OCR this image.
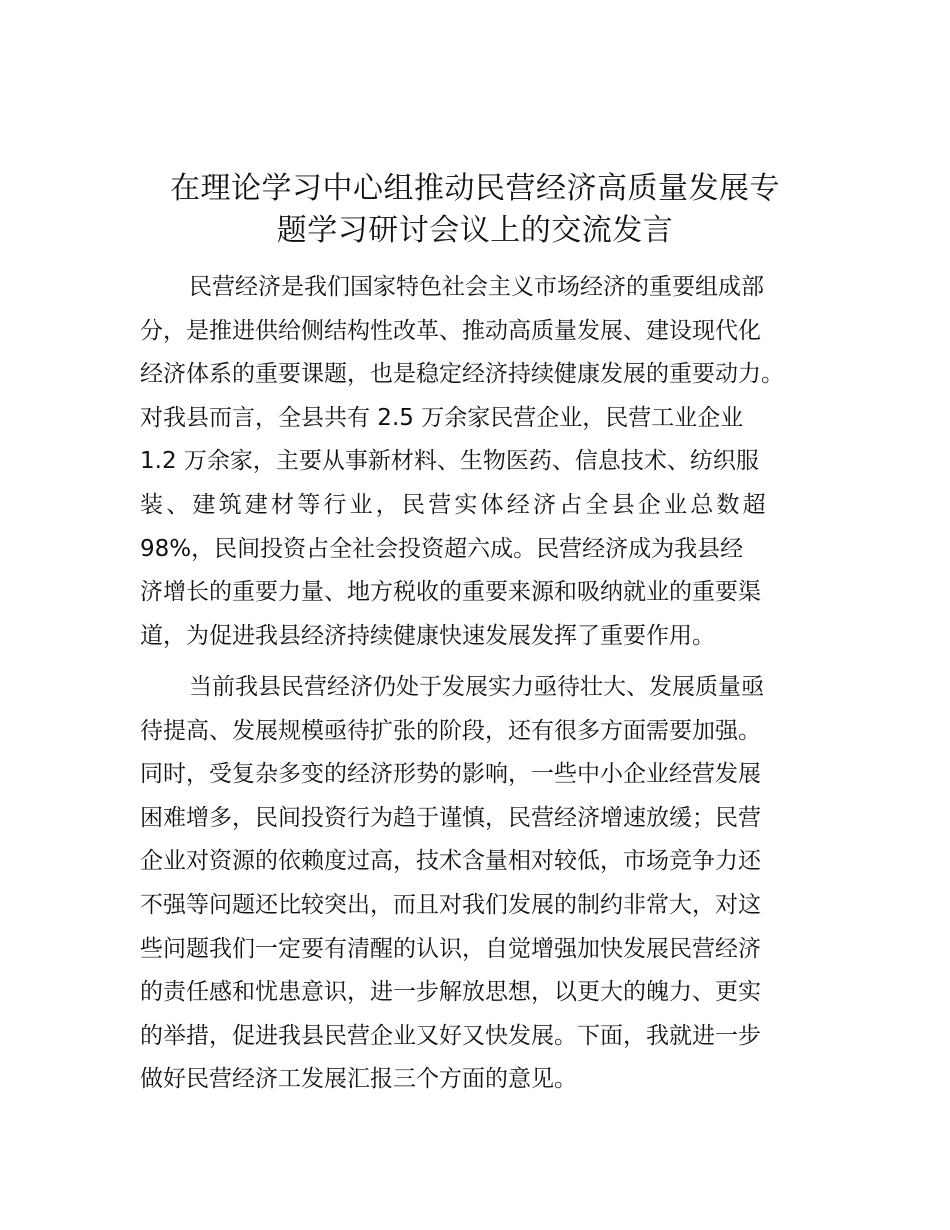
在理论学习中心组推动民营经济高质量发展专
题学习研讨会议上的交流发言

民营经济是我们国家特色社会主义市场经济的重要组成部
分，是推进供给侧结构性改革、推动高质量发展、建设现代化
经济体系的重要课题，也是稳定经济持续健康发展的重要动力。
对我县而言，全县共有 2.5 万余家民营企业，民营工业企业
1.2 万余家，主要从事新材料、生物医药、信息技术、纺织服
装、建筑建材等行业，民营实体经济占全县企业总数超
98%，民间投资占全社会投资超六成。民营经济成为我县经
济增长的重要力量、地方税收的重要来源和吸纳就业的重要渠
道，为促进我县经济持续健康快速发展发挥了重要作用。

当前我县民营经济仍处于发展实力亟待壮大、发展质量亟
待提高、发展规模亟待扩张的阶段，还有很多方面需要加强。
同时，受复杂多变的经济形势的影响，一些中小企业经营发展
困难增多，民间投资行为趋于谨慎，民营经济增速放缓；民营
企业对资源的依赖度过高，技术含量相对较低，市场竞争力还
不强等问题还比较突出，而且对我们发展的制约非常大，对这
些问题我们一定要有清醒的认识，自觉增强加快发展民营经济
的责任感和忧患意识，进一步解放思想，以更大的魄力、更实
的举措，促进我县民营企业又好又快发展。下面，我就进一步
做好民营经济工发展汇报三个方面的意见。
